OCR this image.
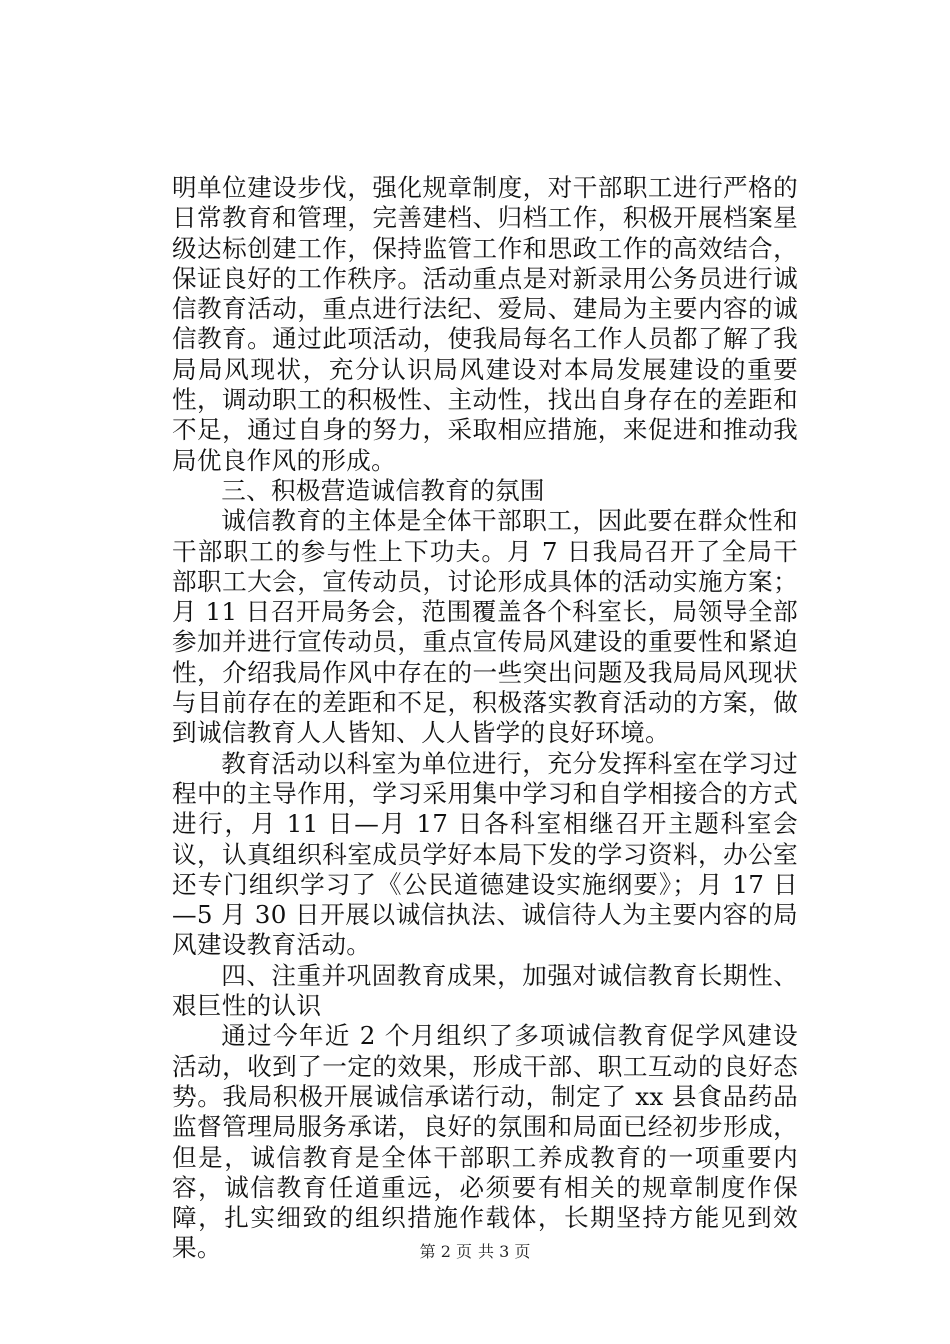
明单位建设步伐，强化规章制度，对干部职工进行严格的日常教育和管理，完善建档、归档工作，积极开展档案星级达标创建工作，保持监管工作和思政工作的高效结合，保证良好的工作秩序。活动重点是对新录用公务员进行诚信教育活动，重点进行法纪、爱局、建局为主要内容的诚信教育。通过此项活动，使我局每名工作人员都了解了我局局风现状，充分认识局风建设对本局发展建设的重要性，调动职工的积极性、主动性，找出自身存在的差距和不足，通过自身的努力，采取相应措施，来促进和推动我局优良作风的形成。

三、积极营造诚信教育的氛围

诚信教育的主体是全体干部职工，因此要在群众性和干部职工的参与性上下功夫。月 7 日我局召开了全局干部职工大会，宣传动员，讨论形成具体的活动实施方案；月 11 日召开局务会，范围覆盖各个科室长，局领导全部参加并进行宣传动员，重点宣传局风建设的重要性和紧迫性，介绍我局作风中存在的一些突出问题及我局局风现状与目前存在的差距和不足，积极落实教育活动的方案，做到诚信教育人人皆知、人人皆学的良好环境。

教育活动以科室为单位进行，充分发挥科室在学习过程中的主导作用，学习采用集中学习和自学相接合的方式进行，月 11 日—月 17 日各科室相继召开主题科室会议，认真组织科室成员学好本局下发的学习资料，办公室还专门组织学习了《公民道德建设实施纲要》；月 17 日—5 月 30 日开展以诚信执法、诚信待人为主要内容的局风建设教育活动。

四、注重并巩固教育成果，加强对诚信教育长期性、艰巨性的认识

通过今年近 2 个月组织了多项诚信教育促学风建设活动，收到了一定的效果，形成干部、职工互动的良好态势。我局积极开展诚信承诺行动，制定了 xx 县食品药品监督管理局服务承诺，良好的氛围和局面已经初步形成，但是，诚信教育是全体干部职工养成教育的一项重要内容，诚信教育任道重远，必须要有相关的规章制度作保障，扎实细致的组织措施作载体，长期坚持方能见到效果。	第 2 页 共 3 页
